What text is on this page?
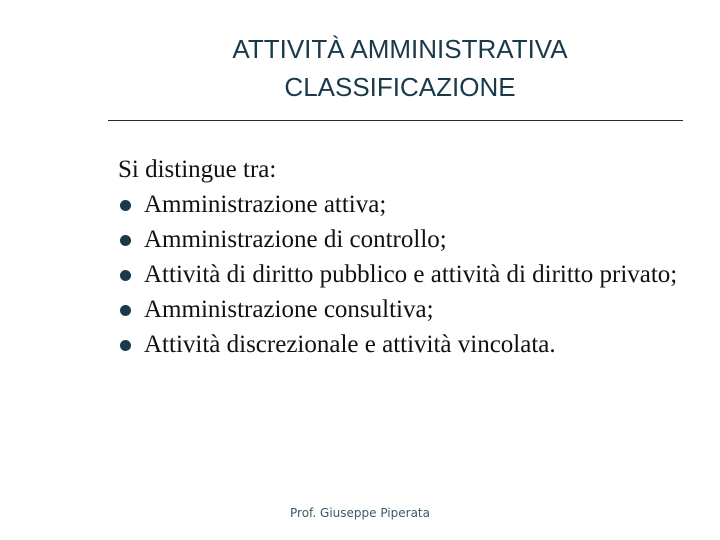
ATTIVITÀ AMMINISTRATIVA
CLASSIFICAZIONE
Si distingue tra:
Amministrazione attiva;
Amministrazione di controllo;
Attività di diritto pubblico e attività di diritto privato;
Amministrazione consultiva;
Attività discrezionale e attività vincolata.
Prof. Giuseppe Piperata
